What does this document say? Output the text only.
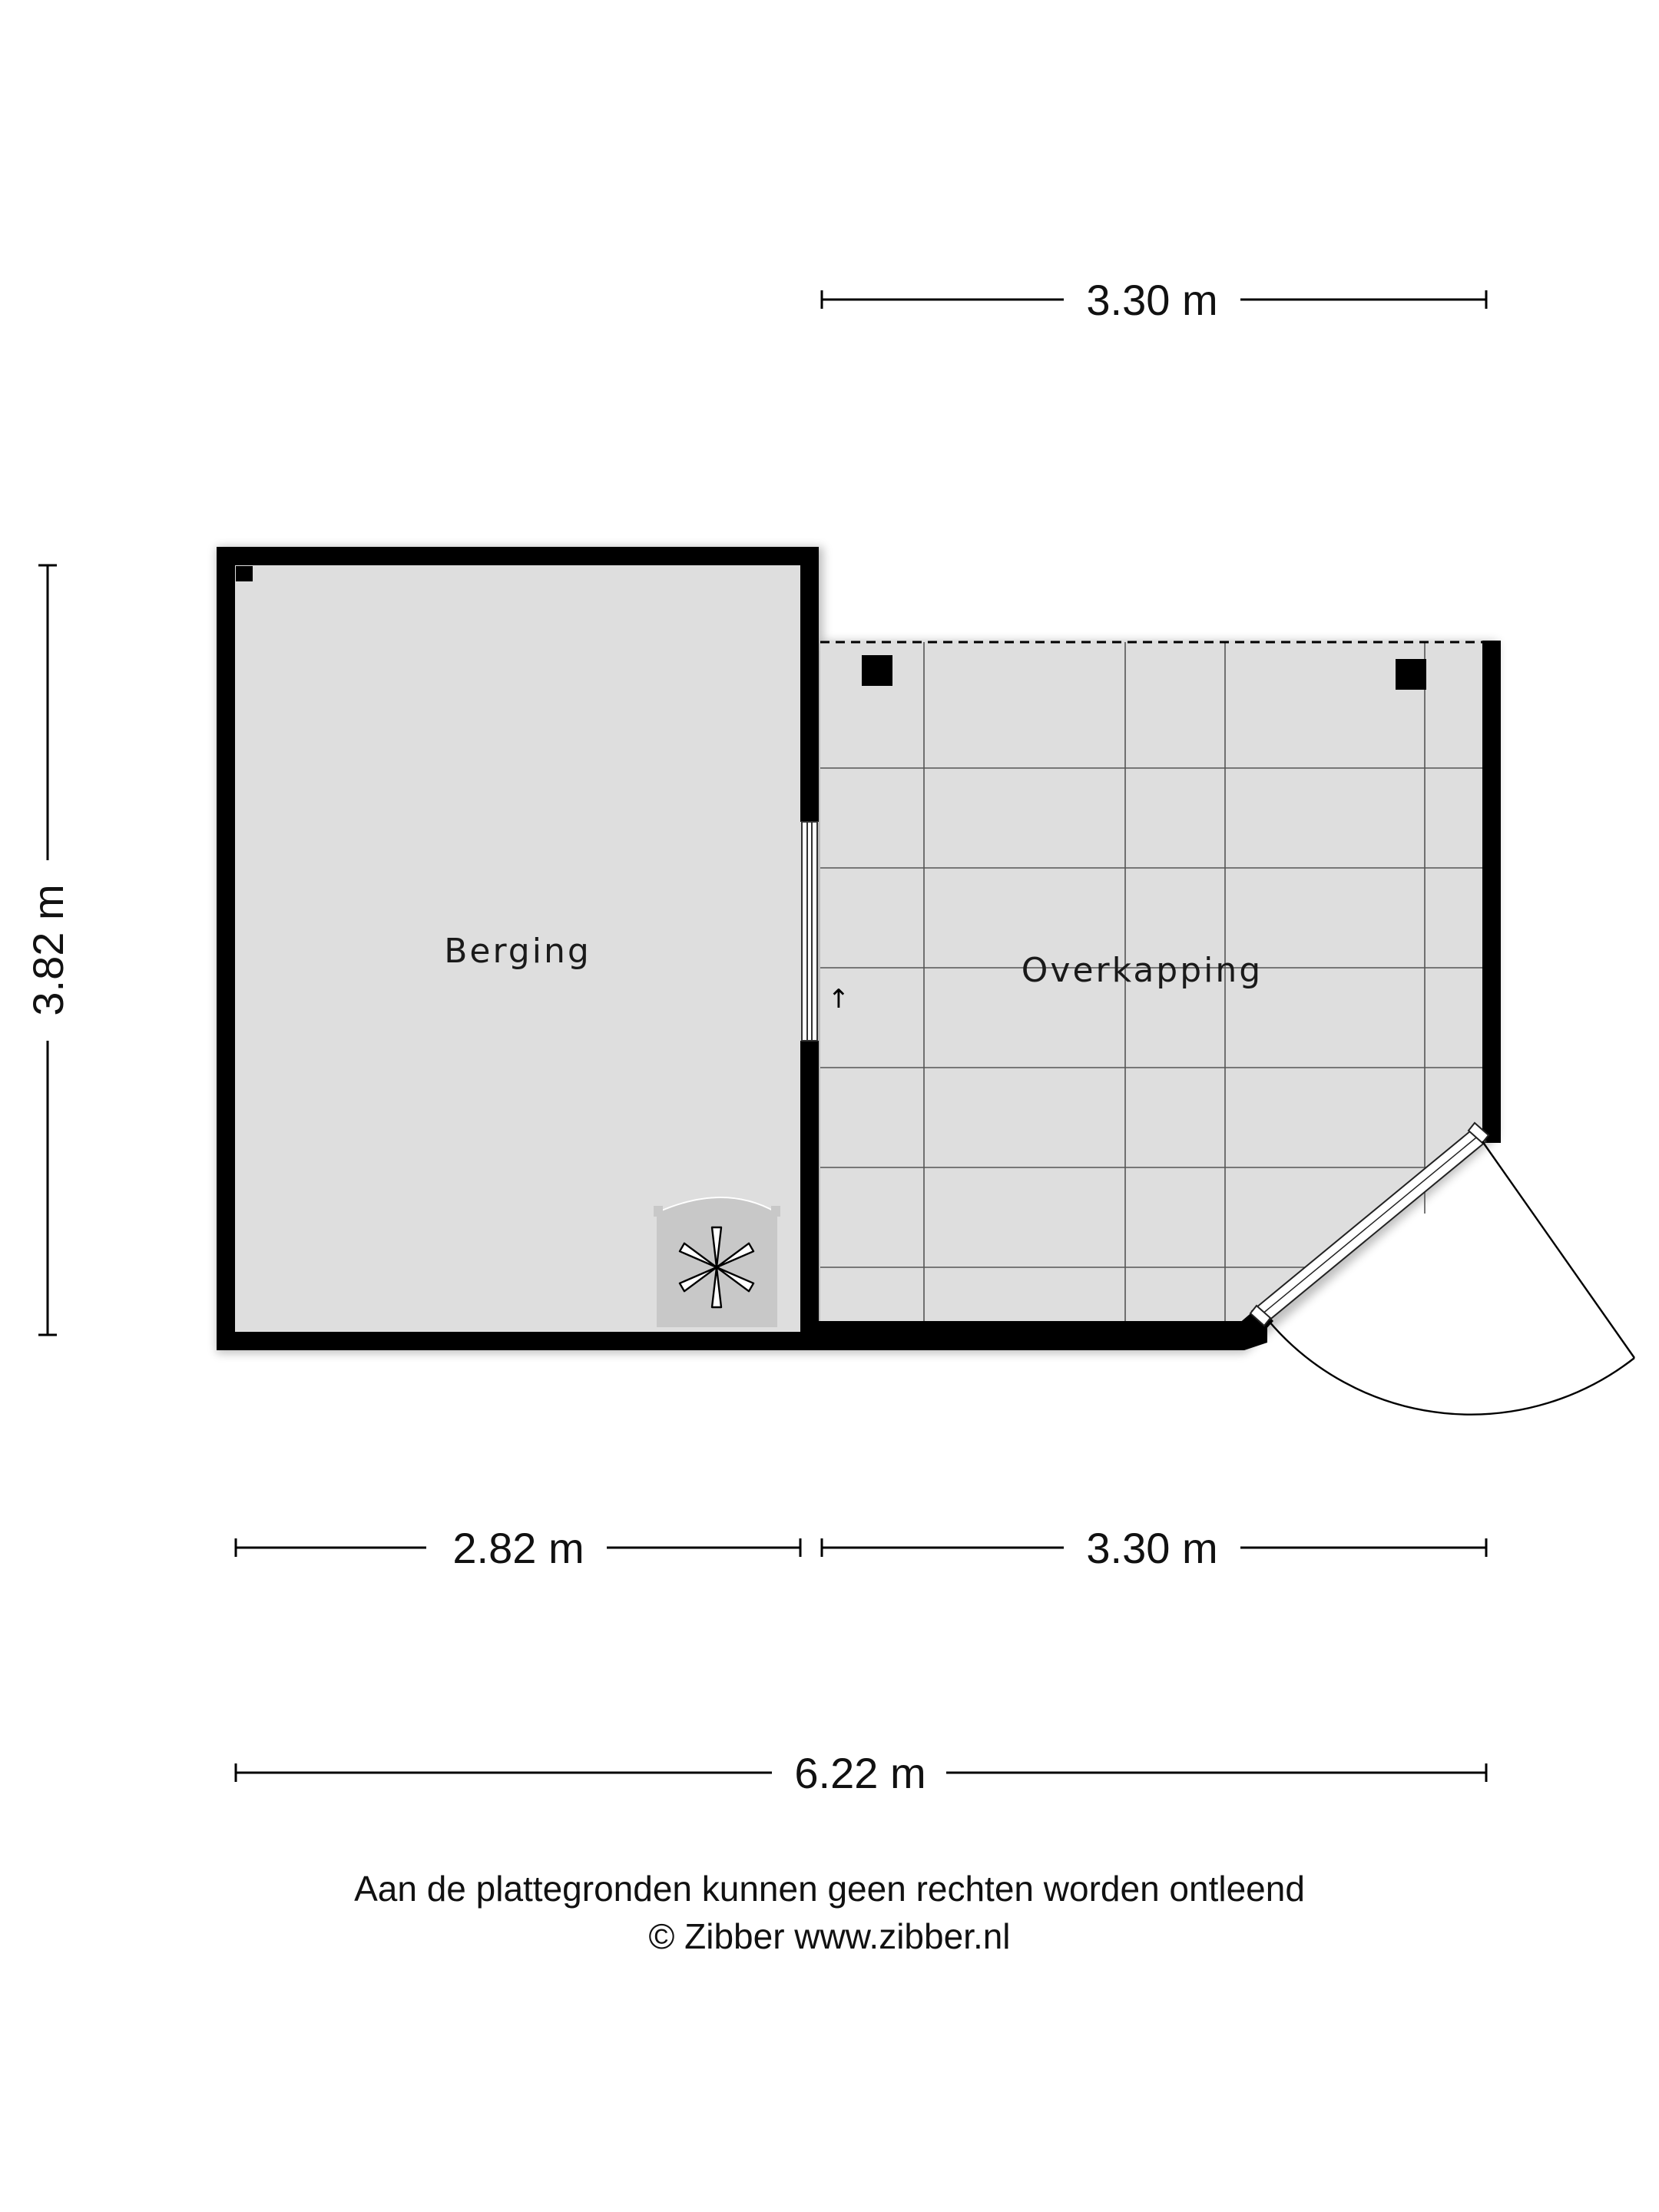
↑
Berging	Overkapping
3.30 m
3.82 m
2.82 m	3.30 m
6.22 m
Aan de plattegronden kunnen geen rechten worden ontleend
© Zibber www.zibber.nl
